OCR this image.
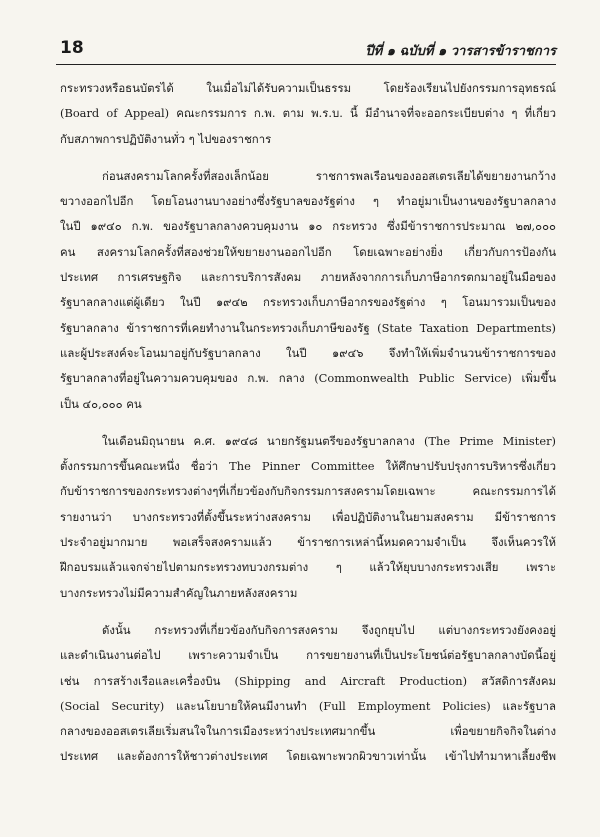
18	ปีที่ ๑ ฉบับที่ ๑ วารสารข้าราชการ
กระทรวงหรือธนบัตรได้ ในเมื่อไม่ได้รับความเป็นธรรม โดยร้องเรียนไปยังกรรมการอุทธรณ์
(Board of Appeal) คณะกรรมการ ก.พ. ตาม พ.ร.บ. นี้ มีอำนาจที่จะออกระเบียบต่าง ๆ ที่เกี่ยว
กับสภาพการปฏิบัติงานทั่ว ๆ ไปของราชการ
ก่อนสงครามโลกครั้งที่สองเล็กน้อย ราชการพลเรือนของออสเตรเลียได้ขยายงานกว้าง
ขวางออกไปอีก โดยโอนงานบางอย่างซึ่งรัฐบาลของรัฐต่าง ๆ ทำอยู่มาเป็นงานของรัฐบาลกลาง
ในปี ๑๙๔๐ ก.พ. ของรัฐบาลกลางควบคุมงาน ๑๐ กระทรวง ซึ่งมีข้าราชการประมาณ ๒๗,๐๐๐
คน สงครามโลกครั้งที่สองช่วยให้ขยายงานออกไปอีก โดยเฉพาะอย่างยิ่ง เกี่ยวกับการป้องกัน
ประเทศ การเศรษฐกิจ และการบริการสังคม ภายหลังจากการเก็บภาษีอากรตกมาอยู่ในมือของ
รัฐบาลกลางแต่ผู้เดียว ในปี ๑๙๔๒ กระทรวงเก็บภาษีอากรของรัฐต่าง ๆ โอนมารวมเป็นของ
รัฐบาลกลาง ข้าราชการที่เคยทำงานในกระทรวงเก็บภาษีของรัฐ (State Taxation Departments)
และผู้ประสงค์จะโอนมาอยู่กับรัฐบาลกลาง ในปี ๑๙๔๖ จึงทำให้เพิ่มจำนวนข้าราชการของ
รัฐบาลกลางที่อยู่ในความควบคุมของ ก.พ. กลาง (Commonwealth Public Service) เพิ่มขึ้น
เป็น ๔๐,๐๐๐ คน
ในเดือนมิถุนายน ค.ศ. ๑๙๔๘ นายกรัฐมนตรีของรัฐบาลกลาง (The Prime Minister)
ตั้งกรรมการขึ้นคณะหนึ่ง ชื่อว่า The Pinner Committee ให้ศึกษาปรับปรุงการบริหารซึ่งเกี่ยว
กับข้าราชการของกระทรวงต่างๆที่เกี่ยวข้องกับกิจกรรมการสงครามโดยเฉพาะ คณะกรรมการได้
รายงานว่า บางกระทรวงที่ตั้งขึ้นระหว่างสงคราม เพื่อปฏิบัติงานในยามสงคราม มีข้าราชการ
ประจำอยู่มากมาย พอเสร็จสงครามแล้ว ข้าราชการเหล่านี้หมดความจำเป็น จึงเห็นควรให้
ฝึกอบรมแล้วแจกจ่ายไปตามกระทรวงทบวงกรมต่าง ๆ แล้วให้ยุบบางกระทรวงเสีย เพราะ
บางกระทรวงไม่มีความสำคัญในภายหลังสงคราม
ดังนั้น กระทรวงที่เกี่ยวข้องกับกิจการสงคราม จึงถูกยุบไป แต่บางกระทรวงยังคงอยู่
และดำเนินงานต่อไป เพราะความจำเป็น การขยายงานที่เป็นประโยชน์ต่อรัฐบาลกลางบัดนี้อยู่
เช่น การสร้างเรือและเครื่องบิน (Shipping and Aircraft Production) สวัสดิการสังคม
(Social Security) และนโยบายให้คนมีงานทำ (Full Employment Policies) และรัฐบาล
กลางของออสเตรเลียเริ่มสนใจในการเมืองระหว่างประเทศมากขึ้น เพื่อขยายกิจกิจในต่าง
ประเทศ และต้องการให้ชาวต่างประเทศ โดยเฉพาะพวกผิวขาวเท่านั้น เข้าไปทำมาหาเลี้ยงชีพ
